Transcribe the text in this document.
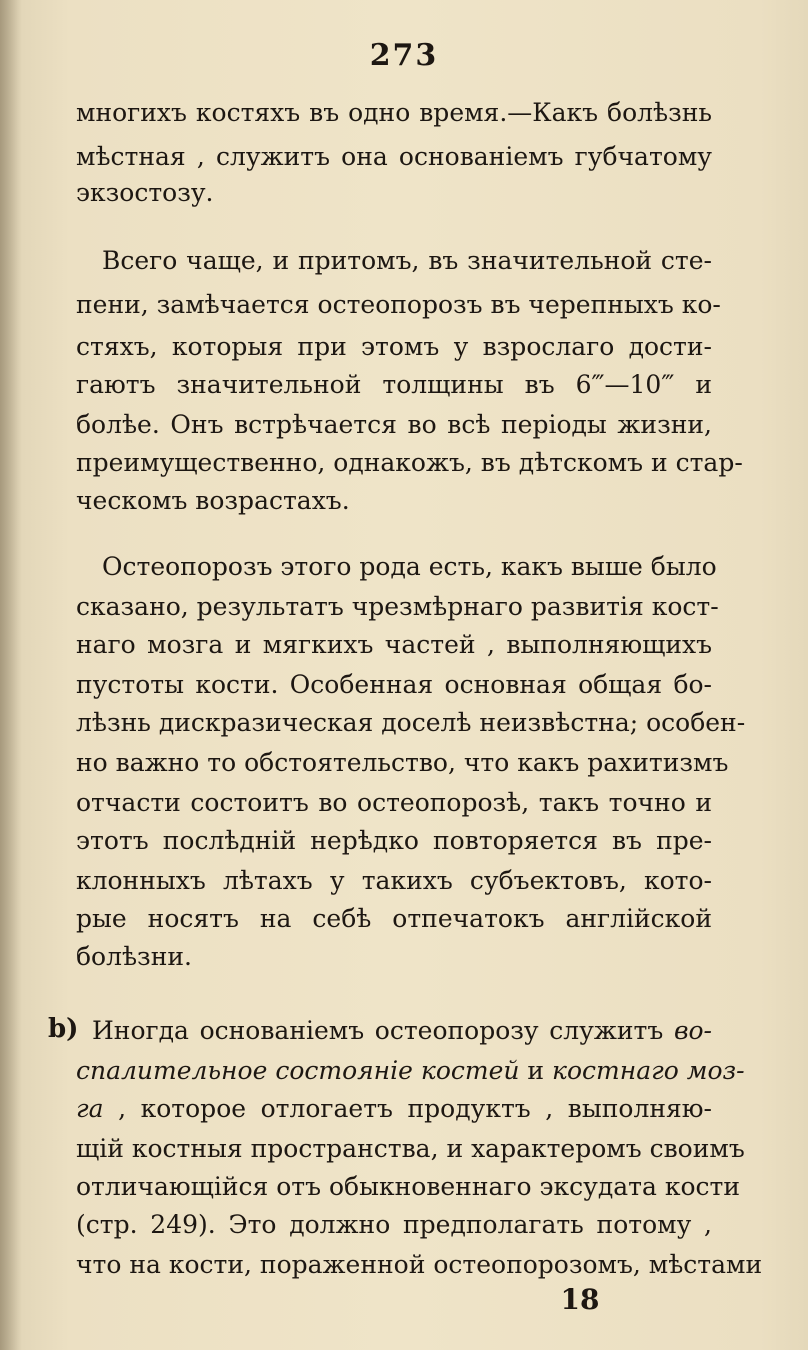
273
многихъ костяхъ въ одно время.—Какъ болѣзнь
мѣстная , служитъ она основаніемъ губчатому
экзостозу.
Всего чаще, и притомъ, въ значительной сте-
пени, замѣчается остеопорозъ въ черепныхъ ко-
стяхъ, которыя при этомъ у взрослаго дости-
гаютъ значительной толщины въ 6‴—10‴ и
болѣе. Онъ встрѣчается во всѣ періоды жизни,
преимущественно, однакожъ, въ дѣтскомъ и стар-
ческомъ возрастахъ.
Остеопорозъ этого рода есть, какъ выше было
сказано, результатъ чрезмѣрнаго развитія кост-
наго мозга и мягкихъ частей , выполняющихъ
пустоты кости. Особенная основная общая бо-
лѣзнь дискразическая доселѣ неизвѣстна; особен-
но важно то обстоятельство, что какъ рахитизмъ
отчасти состоитъ во остеопорозѣ, такъ точно и
этотъ послѣдній нерѣдко повторяется въ пре-
клонныхъ лѣтахъ у такихъ субъектовъ, кото-
рые носятъ на себѣ отпечатокъ англійской
болѣзни.
b) Иногда основаніемъ остеопорозу служитъ во-
спалительное состояніе костей и костнаго моз-
га , которое отлогаетъ продуктъ , выполняю-
щій костныя пространства, и характеромъ своимъ
отличающійся отъ обыкновеннаго эксудата кости
(стр. 249). Это должно предполагать потому ,
что на кости, пораженной остеопорозомъ, мѣстами
18
